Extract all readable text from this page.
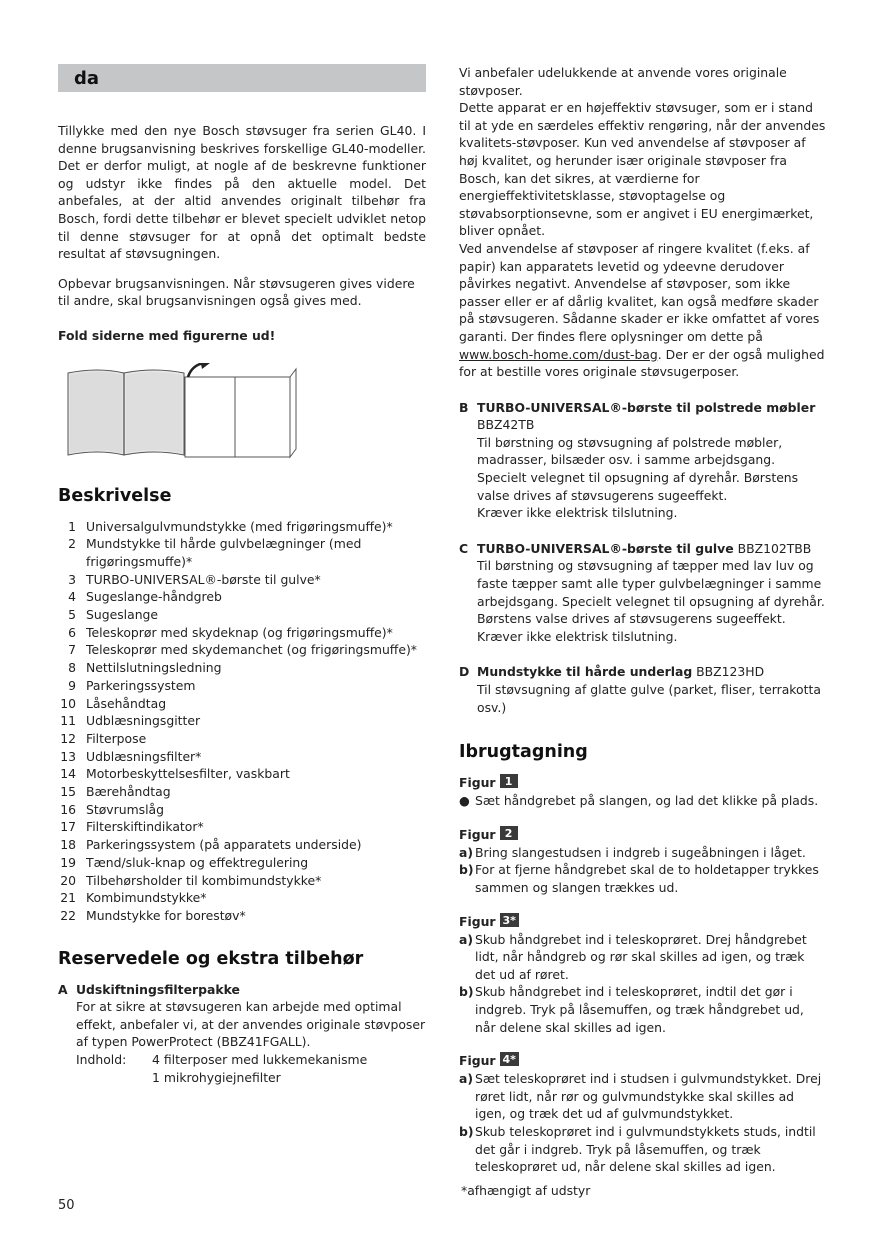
da

Tillykke med den nye Bosch støvsuger fra serien GL40. I denne brugsanvisning beskrives forskellige GL40-modeller. Det er derfor muligt, at nogle af de beskrevne funktioner og udstyr ikke findes på den aktuelle model. Det anbefales, at der altid anvendes originalt tilbehør fra Bosch, fordi dette tilbehør er blevet specielt udviklet netop til denne støvsuger for at opnå det optimalt bedste resultat af støvsugningen.

Opbevar brugsanvisningen. Når støvsugeren gives videre til andre, skal brugsanvisningen også gives med.

Fold siderne med figurerne ud!

Beskrivelse
1 Universalgulvmundstykke (med frigøringsmuffe)*
2 Mundstykke til hårde gulvbelægninger (med frigøringsmuffe)*
3 TURBO-UNIVERSAL®-børste til gulve*
4 Sugeslange-håndgreb
5 Sugeslange
6 Teleskoprør med skydeknap (og frigøringsmuffe)*
7 Teleskoprør med skydemanchet (og frigøringsmuffe)*
8 Nettilslutningsledning
9 Parkeringssystem
10 Låsehåndtag
11 Udblæsningsgitter
12 Filterpose
13 Udblæsningsfilter*
14 Motorbeskyttelsesfilter, vaskbart
15 Bærehåndtag
16 Støvrumslåg
17 Filterskiftindikator*
18 Parkeringssystem (på apparatets underside)
19 Tænd/sluk-knap og effektregulering
20 Tilbehørsholder til kombimundstykke*
21 Kombimundstykke*
22 Mundstykke for borestøv*
Reservedele og ekstra tilbehør
A Udskiftningsfilterpakke
For at sikre at støvsugeren kan arbejde med optimal effekt, anbefaler vi, at der anvendes originale støvposer af typen PowerProtect (BBZ41FGALL).
Indhold:	4 filterposer med lukkemekanisme
1 mikrohygiejnefilter

Vi anbefaler udelukkende at anvende vores originale støvposer.

Dette apparat er en højeffektiv støvsuger, som er i stand til at yde en særdeles effektiv rengøring, når der anvendes kvalitets-støvposer. Kun ved anvendelse af støvposer af høj kvalitet, og herunder især originale støvposer fra Bosch, kan det sikres, at værdierne for energieffektivitetsklasse, støvoptagelse og støvabsorptionsevne, som er angivet i EU energimærket, bliver opnået.

Ved anvendelse af støvposer af ringere kvalitet (f.eks. af papir) kan apparatets levetid og ydeevne derudover påvirkes negativt. Anvendelse af støvposer, som ikke passer eller er af dårlig kvalitet, kan også medføre skader på støvsugeren. Sådanne skader er ikke omfattet af vores garanti. Der findes flere oplysninger om dette på www.bosch-home.com/dust-bag. Der er der også mulighed for at bestille vores originale støvsugerposer.

B TURBO-UNIVERSAL®-børste til polstrede møbler
BBZ42TB
Til børstning og støvsugning af polstrede møbler, madrasser, bilsæder osv. i samme arbejdsgang. Specielt velegnet til opsugning af dyrehår. Børstens valse drives af støvsugerens sugeeffekt.
Kræver ikke elektrisk tilslutning.
C TURBO-UNIVERSAL®-børste til gulve BBZ102TBB
Til børstning og støvsugning af tæpper med lav luv og faste tæpper samt alle typer gulvbelægninger i samme arbejdsgang. Specielt velegnet til opsugning af dyrehår. Børstens valse drives af støvsugerens sugeeffekt.
Kræver ikke elektrisk tilslutning.
D Mundstykke til hårde underlag BBZ123HD
Til støvsugning af glatte gulve (parket, fliser, terrakotta osv.)
Ibrugtagning
Figur 1
● Sæt håndgrebet på slangen, og lad det klikke på plads.
Figur 2
a) Bring slangestudsen i indgreb i sugeåbningen i låget.
b) For at fjerne håndgrebet skal de to holdetapper trykkes sammen og slangen trækkes ud.
Figur 3*
a) Skub håndgrebet ind i teleskoprøret. Drej håndgrebet lidt, når håndgreb og rør skal skilles ad igen, og træk det ud af røret.
b) Skub håndgrebet ind i teleskoprøret, indtil det gør i indgreb. Tryk på låsemuffen, og træk håndgrebet ud, når delene skal skilles ad igen.
Figur 4*
a) Sæt teleskoprøret ind i studsen i gulvmundstykket. Drej røret lidt, når rør og gulvmundstykke skal skilles ad igen, og træk det ud af gulvmundstykket.
b) Skub teleskoprøret ind i gulvmundstykkets studs, indtil det går i indgreb. Tryk på låsemuffen, og træk teleskoprøret ud, når delene skal skilles ad igen.
*afhængigt af udstyr
50
